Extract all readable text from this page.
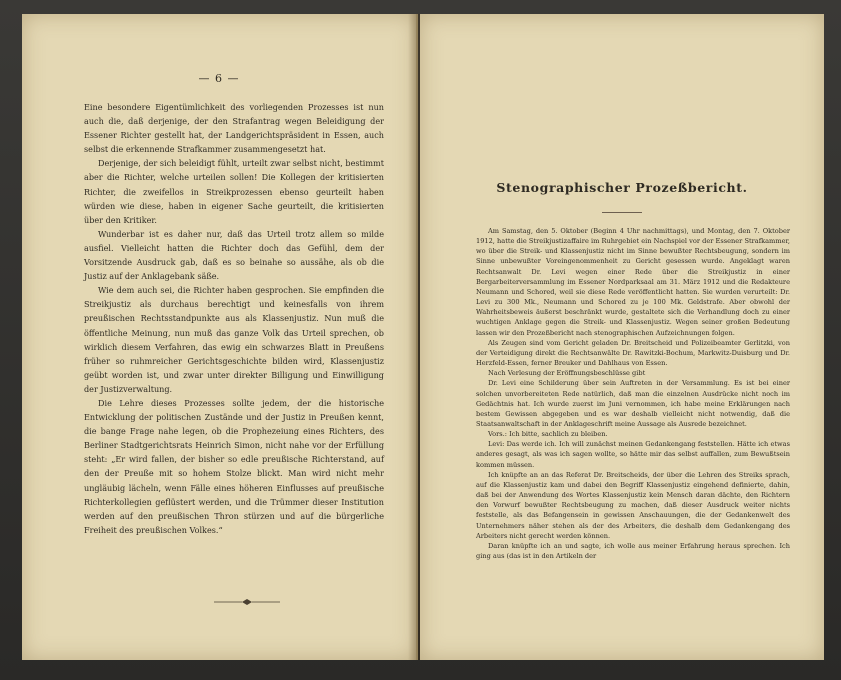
— 6 —

Eine besondere Eigentümlichkeit des vorliegenden Prozesses ist nun auch die, daß derjenige, der den Strafantrag wegen Beleidigung der Essener Richter gestellt hat, der Landgerichtspräsident in Essen, auch selbst die erkennende Strafkammer zusammengesetzt hat.

Derjenige, der sich beleidigt fühlt, urteilt zwar selbst nicht, bestimmt aber die Richter, welche urteilen sollen! Die Kollegen der kritisierten Richter, die zweifellos in Streikprozessen ebenso geurteilt haben würden wie diese, haben in eigener Sache geurteilt, die kritisierten über den Kritiker.

Wunderbar ist es daher nur, daß das Urteil trotz allem so milde ausfiel. Vielleicht hatten die Richter doch das Gefühl, dem der Vorsitzende Ausdruck gab, daß es so beinahe so aussähe, als ob die Justiz auf der Anklagebank säße.

Wie dem auch sei, die Richter haben gesprochen. Sie empfinden die Streikjustiz als durchaus berechtigt und keinesfalls von ihrem preußischen Rechtsstandpunkte aus als Klassenjustiz. Nun muß die öffentliche Meinung, nun muß das ganze Volk das Urteil sprechen, ob wirklich diesem Verfahren, das ewig ein schwarzes Blatt in Preußens früher so ruhmreicher Gerichtsgeschichte bilden wird, Klassenjustiz geübt worden ist, und zwar unter direkter Billigung und Einwilligung der Justizverwaltung.

Die Lehre dieses Prozesses sollte jedem, der die historische Entwicklung der politischen Zustände und der Justiz in Preußen kennt, die bange Frage nahe legen, ob die Prophezeiung eines Richters, des Berliner Stadtgerichtsrats Heinrich Simon, nicht nahe vor der Erfüllung steht: „Er wird fallen, der bisher so edle preußische Richterstand, auf den der Preuße mit so hohem Stolze blickt. Man wird nicht mehr ungläubig lächeln, wenn Fälle eines höheren Einflusses auf preußische Richterkollegien geflüstert werden, und die Trümmer dieser Institution werden auf den preußischen Thron stürzen und auf die bürgerliche Freiheit des preußischen Volkes.“

Stenographischer Prozeßbericht.

Am Samstag, den 5. Oktober (Beginn 4 Uhr nachmittags), und Montag, den 7. Oktober 1912, hatte die Streikjustizaffaire im Ruhrgebiet ein Nachspiel vor der Essener Strafkammer, wo über die Streik- und Klassenjustiz nicht im Sinne bewußter Rechtsbeugung, sondern im Sinne unbewußter Voreingenommenheit zu Gericht gesessen wurde. Angeklagt waren Rechtsanwalt Dr. Levi wegen einer Rede über die Streikjustiz in einer Bergarbeiterversammlung im Essener Nordparksaal am 31. März 1912 und die Redakteure Neumann und Schored, weil sie diese Rede veröffentlicht hatten. Sie wurden verurteilt: Dr. Levi zu 300 Mk., Neumann und Schored zu je 100 Mk. Geldstrafe. Aber obwohl der Wahrheitsbeweis äußerst beschränkt wurde, gestaltete sich die Verhandlung doch zu einer wuchtigen Anklage gegen die Streik- und Klassenjustiz. Wegen seiner großen Bedeutung lassen wir den Prozeßbericht nach stenographischen Aufzeichnungen folgen.

Als Zeugen sind vom Gericht geladen Dr. Breitscheid und Polizeibeamter Gerlitzki, von der Verteidigung direkt die Rechtsanwälte Dr. Rawitzki-Bochum, Markwitz-Duisburg und Dr. Herzfeld-Essen, ferner Breuker und Dahlhaus von Essen.

Nach Verlesung der Eröffnungsbeschlüsse gibt

Dr. Levi eine Schilderung über sein Auftreten in der Versammlung. Es ist bei einer solchen unvorbereiteten Rede natürlich, daß man die einzelnen Ausdrücke nicht noch im Gedächtnis hat. Ich wurde zuerst im Juni vernommen, ich habe meine Erklärungen nach bestem Gewissen abgegeben und es war deshalb vielleicht nicht notwendig, daß die Staatsanwaltschaft in der Anklageschrift meine Aussage als Ausrede bezeichnet.

Vors.: Ich bitte, sachlich zu bleiben.

Levi: Das werde ich. Ich will zunächst meinen Gedankengang feststellen. Hätte ich etwas anderes gesagt, als was ich sagen wollte, so hätte mir das selbst auffallen, zum Bewußtsein kommen müssen.

Ich knüpfte an an das Referat Dr. Breitscheids, der über die Lehren des Streiks sprach, auf die Klassenjustiz kam und dabei den Begriff Klassenjustiz eingehend definierte, dahin, daß bei der Anwendung des Wortes Klassenjustiz kein Mensch daran dächte, den Richtern den Vorwurf bewußter Rechtsbeugung zu machen, daß dieser Ausdruck weiter nichts feststelle, als das Befangensein in gewissen Anschauungen, die der Gedankenwelt des Unternehmers näher stehen als der des Arbeiters, die deshalb dem Gedankengang des Arbeiters nicht gerecht werden können.

Daran knüpfte ich an und sagte, ich wolle aus meiner Erfahrung heraus sprechen. Ich ging aus (das ist in den Artikeln der
